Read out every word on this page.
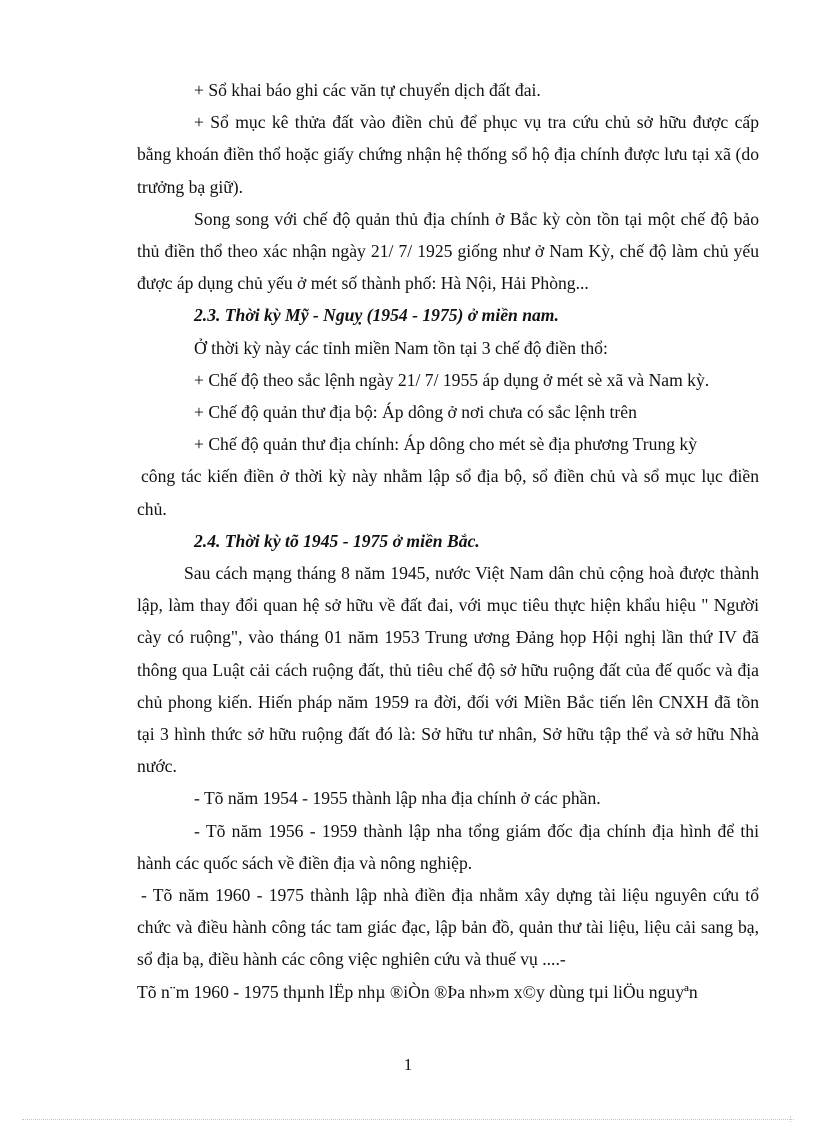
+ Sổ khai báo ghi các văn tự chuyển dịch đất đai.

+ Sổ mục kê thửa đất vào điền chủ để phục vụ tra cứu chủ sở hữu được cấp bằng khoán điền thổ hoặc giấy chứng nhận hệ thống sổ hộ địa chính được lưu tại xã (do trưởng bạ giữ).

Song song với chế độ quản thủ địa chính ở Bắc kỳ còn tồn tại một chế độ bảo thủ điền thổ theo xác nhận ngày 21/ 7/ 1925 giống như ở Nam Kỳ, chế độ làm chủ yếu được áp dụng chủ yếu ở mét số thành phố: Hà Nội, Hải Phòng...

2.3. Thời kỳ Mỹ - Nguỵ (1954 - 1975) ở miền nam.

Ở thời kỳ này các tỉnh miền Nam tồn tại 3 chế độ điền thổ:

+ Chế độ theo sắc lệnh ngày 21/ 7/ 1955 áp dụng ở mét sè xã và Nam kỳ.

+ Chế độ quản thư địa bộ: Áp dông ở nơi chưa có sắc lệnh trên

+ Chế độ quản thư địa chính: Áp dông cho mét sè địa phương Trung kỳ

công tác kiến điền ở thời kỳ này nhằm lập sổ địa bộ, sổ điền chủ và sổ mục lục điền chủ.

2.4. Thời kỳ tõ 1945 - 1975 ở miền Bắc.

Sau cách mạng tháng 8 năm 1945, nước Việt Nam dân chủ cộng hoà được thành lập, làm thay đổi quan hệ sở hữu về đất đai, với mục tiêu thực hiện khẩu hiệu " Người cày có ruộng", vào tháng 01 năm 1953 Trung ương Đảng họp Hội nghị lần thứ IV đã thông qua Luật cải cách ruộng đất, thủ tiêu chế độ sở hữu ruộng đất của đế quốc và địa chủ phong kiến. Hiến pháp năm 1959 ra đời, đối với Miền Bắc tiến lên CNXH đã tồn tại 3 hình thức sở hữu ruộng đất đó là: Sở hữu tư nhân, Sở hữu tập thể và sở hữu Nhà nước.

- Tõ năm 1954 - 1955 thành lập nha địa chính ở các phần.

- Tõ năm 1956 - 1959 thành lập nha tổng giám đốc địa chính địa hình để thi hành các quốc sách về điền địa và nông nghiệp.

- Tõ năm 1960 - 1975 thành lập nhà điền địa nhằm xây dựng tài liệu nguyên cứu tổ chức và điều hành công tác tam giác đạc, lập bản đồ, quản thư tài liệu, liệu cải sang bạ, sổ địa bạ, điều hành các công việc nghiên cứu và thuế vụ ....-

Tõ n¨m 1960 - 1975 thµnh lËp nhµ ®iÒn ®Þa nh»m x©y dùng tµi liÖu nguyªn

1
